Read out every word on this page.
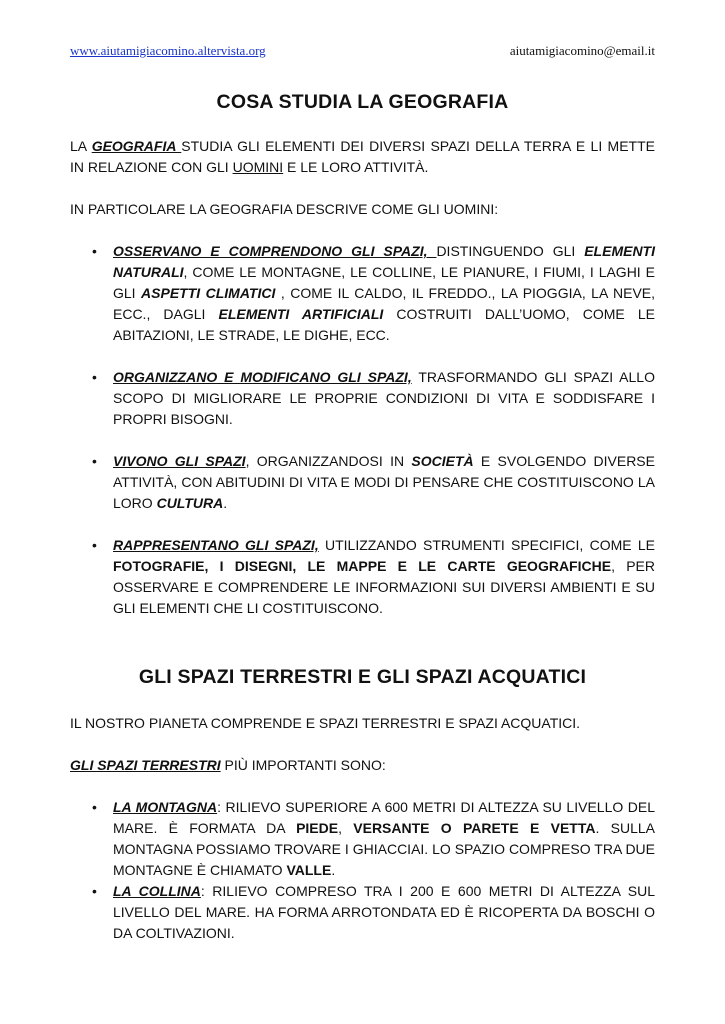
www.aiutamigiacomino.altervista.org	aiutamigiacomino@email.it
COSA STUDIA LA GEOGRAFIA

LA GEOGRAFIA STUDIA GLI ELEMENTI DEI DIVERSI SPAZI DELLA TERRA E LI METTE IN RELAZIONE CON GLI UOMINI E LE LORO ATTIVITÀ.

IN PARTICOLARE LA GEOGRAFIA DESCRIVE COME GLI UOMINI:

• OSSERVANO E COMPRENDONO GLI SPAZI, DISTINGUENDO GLI ELEMENTI NATURALI, COME LE MONTAGNE, LE COLLINE, LE PIANURE, I FIUMI, I LAGHI E GLI ASPETTI CLIMATICI , COME IL CALDO, IL FREDDO., LA PIOGGIA, LA NEVE, ECC., DAGLI ELEMENTI ARTIFICIALI COSTRUITI DALL’UOMO, COME LE ABITAZIONI, LE STRADE, LE DIGHE, ECC.
• ORGANIZZANO E MODIFICANO GLI SPAZI, TRASFORMANDO GLI SPAZI ALLO SCOPO DI MIGLIORARE LE PROPRIE CONDIZIONI DI VITA E SODDISFARE I PROPRI BISOGNI.
• VIVONO GLI SPAZI, ORGANIZZANDOSI IN SOCIETÀ E SVOLGENDO DIVERSE ATTIVITÀ, CON ABITUDINI DI VITA E MODI DI PENSARE CHE COSTITUISCONO LA LORO CULTURA.
• RAPPRESENTANO GLI SPAZI, UTILIZZANDO STRUMENTI SPECIFICI, COME LE FOTOGRAFIE, I DISEGNI, LE MAPPE E LE CARTE GEOGRAFICHE, PER OSSERVARE E COMPRENDERE LE INFORMAZIONI SUI DIVERSI AMBIENTI E SU GLI ELEMENTI CHE LI COSTITUISCONO.
GLI SPAZI TERRESTRI E GLI SPAZI ACQUATICI

IL NOSTRO PIANETA COMPRENDE E SPAZI TERRESTRI E SPAZI ACQUATICI.

GLI SPAZI TERRESTRI PIÙ IMPORTANTI SONO:

• LA MONTAGNA: RILIEVO SUPERIORE A 600 METRI DI ALTEZZA SU LIVELLO DEL MARE. È FORMATA DA PIEDE, VERSANTE O PARETE E VETTA. SULLA MONTAGNA POSSIAMO TROVARE I GHIACCIAI. LO SPAZIO COMPRESO TRA DUE MONTAGNE È CHIAMATO VALLE.
• LA COLLINA: RILIEVO COMPRESO TRA I 200 E 600 METRI DI ALTEZZA SUL LIVELLO DEL MARE. HA FORMA ARROTONDATA ED È RICOPERTA DA BOSCHI O DA COLTIVAZIONI.
